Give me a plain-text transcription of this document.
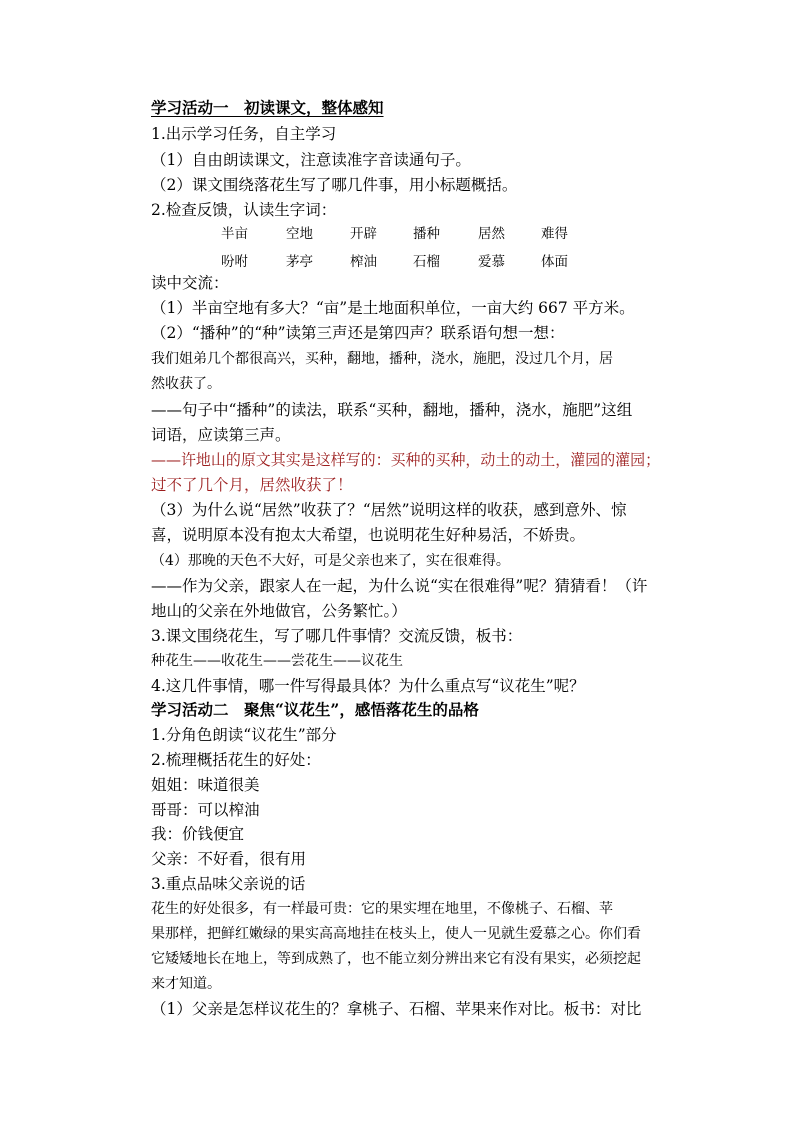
学习活动一　初读课文，整体感知
1.出示学习任务，自主学习
（1）自由朗读课文，注意读准字音读通句子。
（2）课文围绕落花生写了哪几件事，用小标题概括。
2.检查反馈，认读生字词：
半亩	空地	开辟	播种	居然	难得
吩咐	茅亭	榨油	石榴	爱慕	体面
读中交流：
（1）半亩空地有多大？“亩”是土地面积单位，一亩大约 667 平方米。
（2）“播种”的“种”读第三声还是第四声？联系语句想一想：
我们姐弟几个都很高兴，买种，翻地，播种，浇水，施肥，没过几个月，居
然收获了。
——句子中“播种”的读法，联系“买种，翻地，播种，浇水，施肥”这组
词语，应读第三声。
——许地山的原文其实是这样写的：买种的买种，动土的动土，灌园的灌园；
过不了几个月，居然收获了！
（3）为什么说“居然”收获了？“居然”说明这样的收获，感到意外、惊
喜，说明原本没有抱太大希望，也说明花生好种易活，不娇贵。
（4）那晚的天色不大好，可是父亲也来了，实在很难得。
——作为父亲，跟家人在一起，为什么说“实在很难得”呢？猜猜看！（许
地山的父亲在外地做官，公务繁忙。）
3.课文围绕花生，写了哪几件事情？交流反馈，板书：
种花生——收花生——尝花生——议花生
4.这几件事情，哪一件写得最具体？为什么重点写“议花生”呢？
学习活动二　聚焦“议花生”，感悟落花生的品格
1.分角色朗读“议花生”部分
2.梳理概括花生的好处：
姐姐：味道很美
哥哥：可以榨油
我：价钱便宜
父亲：不好看，很有用
3.重点品味父亲说的话
花生的好处很多，有一样最可贵：它的果实埋在地里，不像桃子、石榴、苹
果那样，把鲜红嫩绿的果实高高地挂在枝头上，使人一见就生爱慕之心。你们看
它矮矮地长在地上，等到成熟了，也不能立刻分辨出来它有没有果实，必须挖起
来才知道。
（1）父亲是怎样议花生的？拿桃子、石榴、苹果来作对比。板书：对比
